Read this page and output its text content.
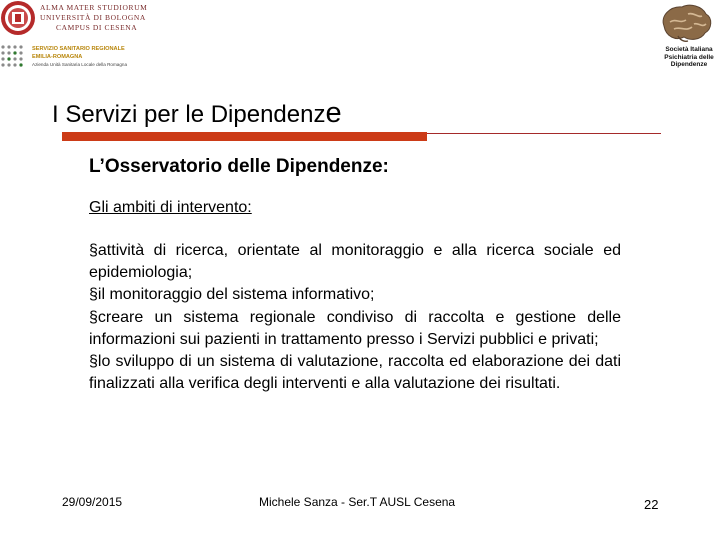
ALMA MATER STUDIORUM
UNIVERSITÀ DI BOLOGNA
CAMPUS DI CESENA
SERVIZIO SANITARIO REGIONALE
EMILIA-ROMAGNA
Azienda Unità Sanitaria Locale della Romagna
Società Italiana
Psichiatria delle
Dipendenze
I Servizi per le Dipendenze
L’Osservatorio delle Dipendenze:
Gli ambiti di intervento:

§attività di ricerca, orientate al monitoraggio e alla ricerca sociale ed epidemiologia;

§il monitoraggio del sistema informativo;

§creare un sistema regionale condiviso di raccolta e gestione delle informazioni sui pazienti in trattamento presso i Servizi pubblici e privati;

§lo sviluppo di un sistema di valutazione, raccolta ed elaborazione dei dati finalizzati alla verifica degli interventi e alla valutazione dei risultati.

29/09/2015	Michele Sanza - Ser.T AUSL Cesena	22
